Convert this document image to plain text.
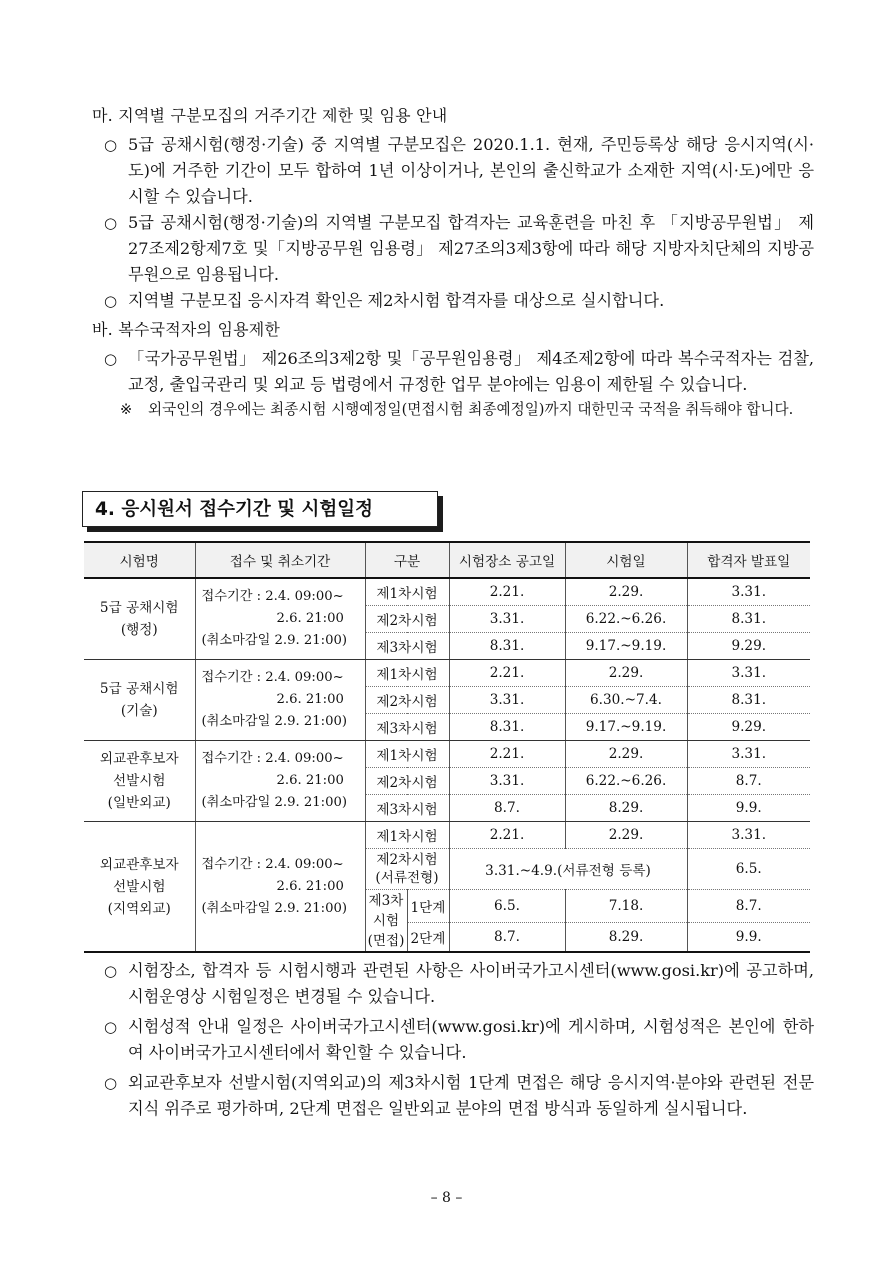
마. 지역별 구분모집의 거주기간 제한 및 임용 안내
○ 5급 공채시험(행정·기술) 중 지역별 구분모집은 2020.1.1. 현재, 주민등록상 해당 응시지역(시·도)에 거주한 기간이 모두 합하여 1년 이상이거나, 본인의 출신학교가 소재한 지역(시·도)에만 응시할 수 있습니다.
○ 5급 공채시험(행정·기술)의 지역별 구분모집 합격자는 교육훈련을 마친 후 「지방공무원법」 제27조제2항제7호 및「지방공무원 임용령」 제27조의3제3항에 따라 해당 지방자치단체의 지방공무원으로 임용됩니다.
○ 지역별 구분모집 응시자격 확인은 제2차시험 합격자를 대상으로 실시합니다.
바. 복수국적자의 임용제한
○ 「국가공무원법」 제26조의3제2항 및「공무원임용령」 제4조제2항에 따라 복수국적자는 검찰, 교정, 출입국관리 및 외교 등 법령에서 규정한 업무 분야에는 임용이 제한될 수 있습니다.
※ 외국인의 경우에는 최종시험 시행예정일(면접시험 최종예정일)까지 대한민국 국적을 취득해야 합니다.
4. 응시원서 접수기간 및 시험일정
시험명	접수 및 취소기간	구분		시험장소 공고일	시험일	합격자 발표일

5급 공채시험
(행정)	접수기간 : 2.4. 09:00~
2.6. 21:00
(취소마감일 2.9. 21:00)	제1차시험		2.21.	2.29.	3.31.
		제2차시험		3.31.	6.22.~6.26.	8.31.
		제3차시험		8.31.	9.17.~9.19.	9.29.

5급 공채시험
(기술)	접수기간 : 2.4. 09:00~
2.6. 21:00
(취소마감일 2.9. 21:00)	제1차시험		2.21.	2.29.	3.31.
		제2차시험		3.31.	6.30.~7.4.	8.31.
		제3차시험		8.31.	9.17.~9.19.	9.29.

외교관후보자
선발시험
(일반외교)	접수기간 : 2.4. 09:00~
2.6. 21:00
(취소마감일 2.9. 21:00)	제1차시험		2.21.	2.29.	3.31.
		제2차시험		3.31.	6.22.~6.26.	8.7.
		제3차시험		8.7.	8.29.	9.9.

외교관후보자
선발시험
(지역외교)	접수기간 : 2.4. 09:00~
2.6. 21:00
(취소마감일 2.9. 21:00)	제1차시험		2.21.	2.29.	3.31.

		제2차시험
(서류전형)		3.31.~4.9.(서류전형 등록)		6.5.

		제3차
시험
(면접)	1단계	6.5.	7.18.	8.7.
			2단계	8.7.	8.29.	9.9.
○ 시험장소, 합격자 등 시험시행과 관련된 사항은 사이버국가고시센터(www.gosi.kr)에 공고하며, 시험운영상 시험일정은 변경될 수 있습니다.
○ 시험성적 안내 일정은 사이버국가고시센터(www.gosi.kr)에 게시하며, 시험성적은 본인에 한하여 사이버국가고시센터에서 확인할 수 있습니다.
○ 외교관후보자 선발시험(지역외교)의 제3차시험 1단계 면접은 해당 응시지역·분야와 관련된 전문지식 위주로 평가하며, 2단계 면접은 일반외교 분야의 면접 방식과 동일하게 실시됩니다.
– 8 –
